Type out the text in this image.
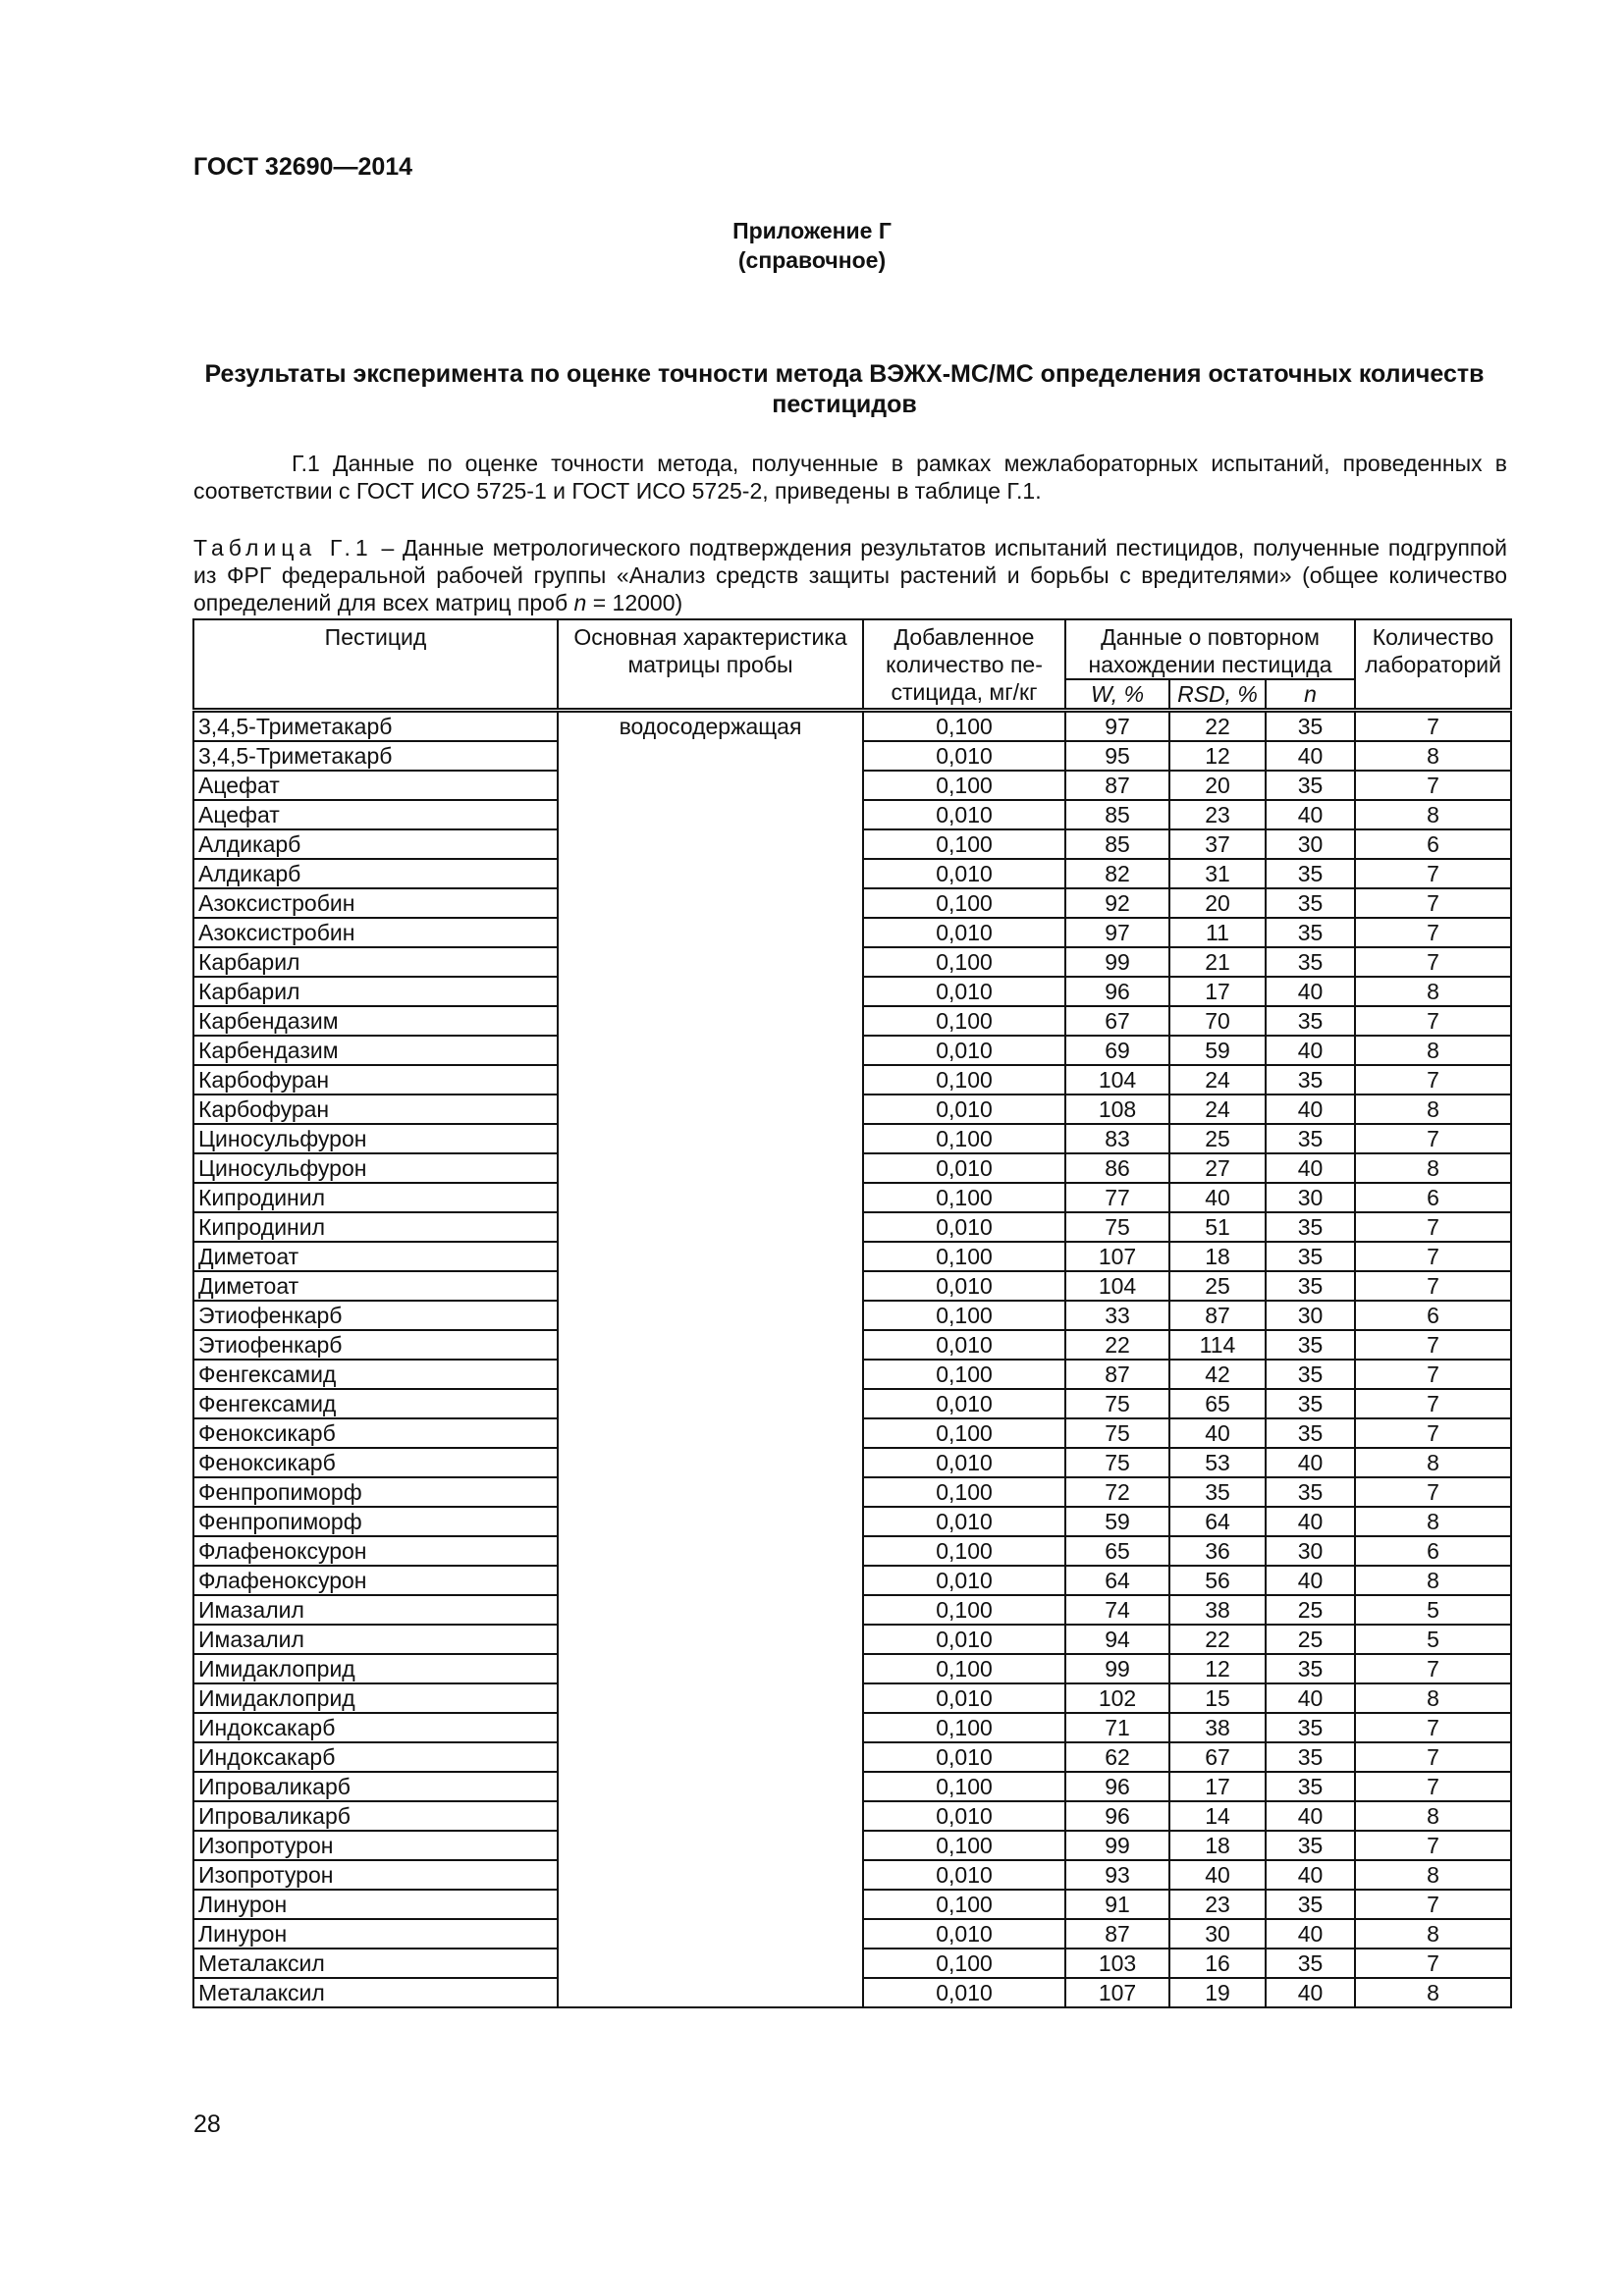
ГОСТ 32690—2014
Приложение Г
(справочное)
Результаты эксперимента по оценке точности метода ВЭЖХ-МС/МС определения остаточных количеств пестицидов
Г.1 Данные по оценке точности метода, полученные в рамках межлабораторных испытаний, проведенных в соответствии с ГОСТ ИСО 5725-1 и ГОСТ ИСО 5725-2, приведены в таблице Г.1.
Таблица Г.1 – Данные метрологического подтверждения результатов испытаний пестицидов, полученные подгруппой из ФРГ федеральной рабочей группы «Анализ средств защиты растений и борьбы с вредителями» (общее количество определений для всех матриц проб n = 12000)
Пестицид	Основная характеристика матрицы пробы	Добавленное количество пе-стицида, мг/кг	Данные о повторном нахождении пестицида			Количество лабораторий
			W, %	RSD, %	n	
3,4,5-Триметакарб	водосодержащая	0,100	97	22	35	7
3,4,5-Триметакарб		0,010	95	12	40	8
Ацефат		0,100	87	20	35	7
Ацефат		0,010	85	23	40	8
Алдикарб		0,100	85	37	30	6
Алдикарб		0,010	82	31	35	7
Азоксистробин		0,100	92	20	35	7
Азоксистробин		0,010	97	11	35	7
Карбарил		0,100	99	21	35	7
Карбарил		0,010	96	17	40	8
Карбендазим		0,100	67	70	35	7
Карбендазим		0,010	69	59	40	8
Карбофуран		0,100	104	24	35	7
Карбофуран		0,010	108	24	40	8
Циносульфурон		0,100	83	25	35	7
Циносульфурон		0,010	86	27	40	8
Кипродинил		0,100	77	40	30	6
Кипродинил		0,010	75	51	35	7
Диметоат		0,100	107	18	35	7
Диметоат		0,010	104	25	35	7
Этиофенкарб		0,100	33	87	30	6
Этиофенкарб		0,010	22	114	35	7
Фенгексамид		0,100	87	42	35	7
Фенгексамид		0,010	75	65	35	7
Феноксикарб		0,100	75	40	35	7
Феноксикарб		0,010	75	53	40	8
Фенпропиморф		0,100	72	35	35	7
Фенпропиморф		0,010	59	64	40	8
Флафеноксурон		0,100	65	36	30	6
Флафеноксурон		0,010	64	56	40	8
Имазалил		0,100	74	38	25	5
Имазалил		0,010	94	22	25	5
Имидаклоприд		0,100	99	12	35	7
Имидаклоприд		0,010	102	15	40	8
Индоксакарб		0,100	71	38	35	7
Индоксакарб		0,010	62	67	35	7
Ипроваликарб		0,100	96	17	35	7
Ипроваликарб		0,010	96	14	40	8
Изопротурон		0,100	99	18	35	7
Изопротурон		0,010	93	40	40	8
Линурон		0,100	91	23	35	7
Линурон		0,010	87	30	40	8
Металаксил		0,100	103	16	35	7
Металаксил		0,010	107	19	40	8
28
